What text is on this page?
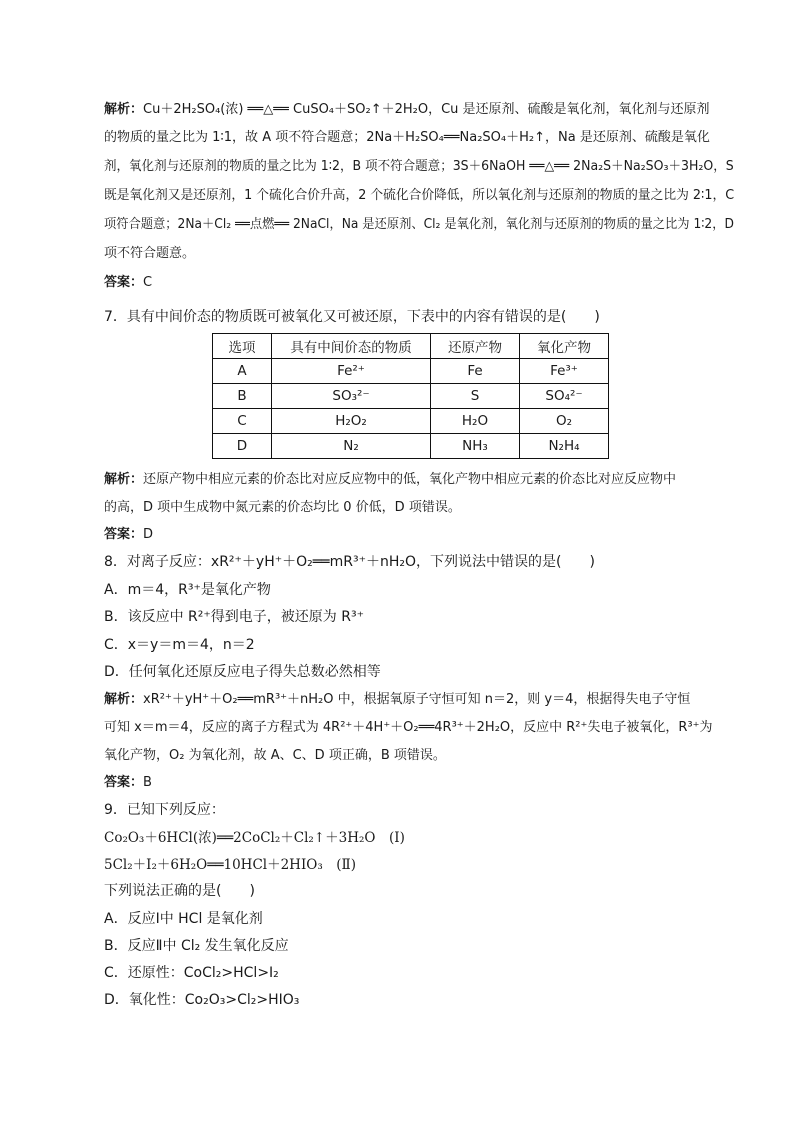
解析：Cu＋2H₂SO₄(浓) ══△══ CuSO₄＋SO₂↑＋2H₂O，Cu 是还原剂、硫酸是氧化剂，氧化剂与还原剂
的物质的量之比为 1∶1，故 A 项不符合题意；2Na＋H₂SO₄══Na₂SO₄＋H₂↑，Na 是还原剂、硫酸是氧化
剂，氧化剂与还原剂的物质的量之比为 1∶2，B 项不符合题意；3S＋6NaOH ══△══ 2Na₂S＋Na₂SO₃＋3H₂O，S
既是氧化剂又是还原剂，1 个硫化合价升高，2 个硫化合价降低，所以氧化剂与还原剂的物质的量之比为 2∶1，C
项符合题意；2Na＋Cl₂ ══点燃══ 2NaCl，Na 是还原剂、Cl₂ 是氧化剂，氧化剂与还原剂的物质的量之比为 1∶2，D
项不符合题意。
答案：C
7．具有中间价态的物质既可被氧化又可被还原，下表中的内容有错误的是(　　)
选项	具有中间价态的物质	还原产物	氧化产物
A	Fe²⁺	Fe	Fe³⁺
B	SO₃²⁻	S	SO₄²⁻
C	H₂O₂	H₂O	O₂
D	N₂	NH₃	N₂H₄
解析：还原产物中相应元素的价态比对应反应物中的低，氧化产物中相应元素的价态比对应反应物中
的高，D 项中生成物中氮元素的价态均比 0 价低，D 项错误。
答案：D
8．对离子反应：xR²⁺＋yH⁺＋O₂══mR³⁺＋nH₂O，下列说法中错误的是(　　)
A．m＝4，R³⁺是氧化产物
B．该反应中 R²⁺得到电子，被还原为 R³⁺
C．x＝y＝m＝4，n＝2
D．任何氧化还原反应电子得失总数必然相等
解析：xR²⁺＋yH⁺＋O₂══mR³⁺＋nH₂O 中，根据氧原子守恒可知 n＝2，则 y＝4，根据得失电子守恒
可知 x＝m＝4，反应的离子方程式为 4R²⁺＋4H⁺＋O₂══4R³⁺＋2H₂O，反应中 R²⁺失电子被氧化，R³⁺为
氧化产物，O₂ 为氧化剂，故 A、C、D 项正确，B 项错误。
答案：B
9．已知下列反应：
Co₂O₃＋6HCl(浓)══2CoCl₂＋Cl₂↑＋3H₂O　(Ⅰ)
5Cl₂＋I₂＋6H₂O══10HCl＋2HIO₃　(Ⅱ)
下列说法正确的是(　　)
A．反应Ⅰ中 HCl 是氧化剂
B．反应Ⅱ中 Cl₂ 发生氧化反应
C．还原性：CoCl₂>HCl>I₂
D．氧化性：Co₂O₃>Cl₂>HIO₃
